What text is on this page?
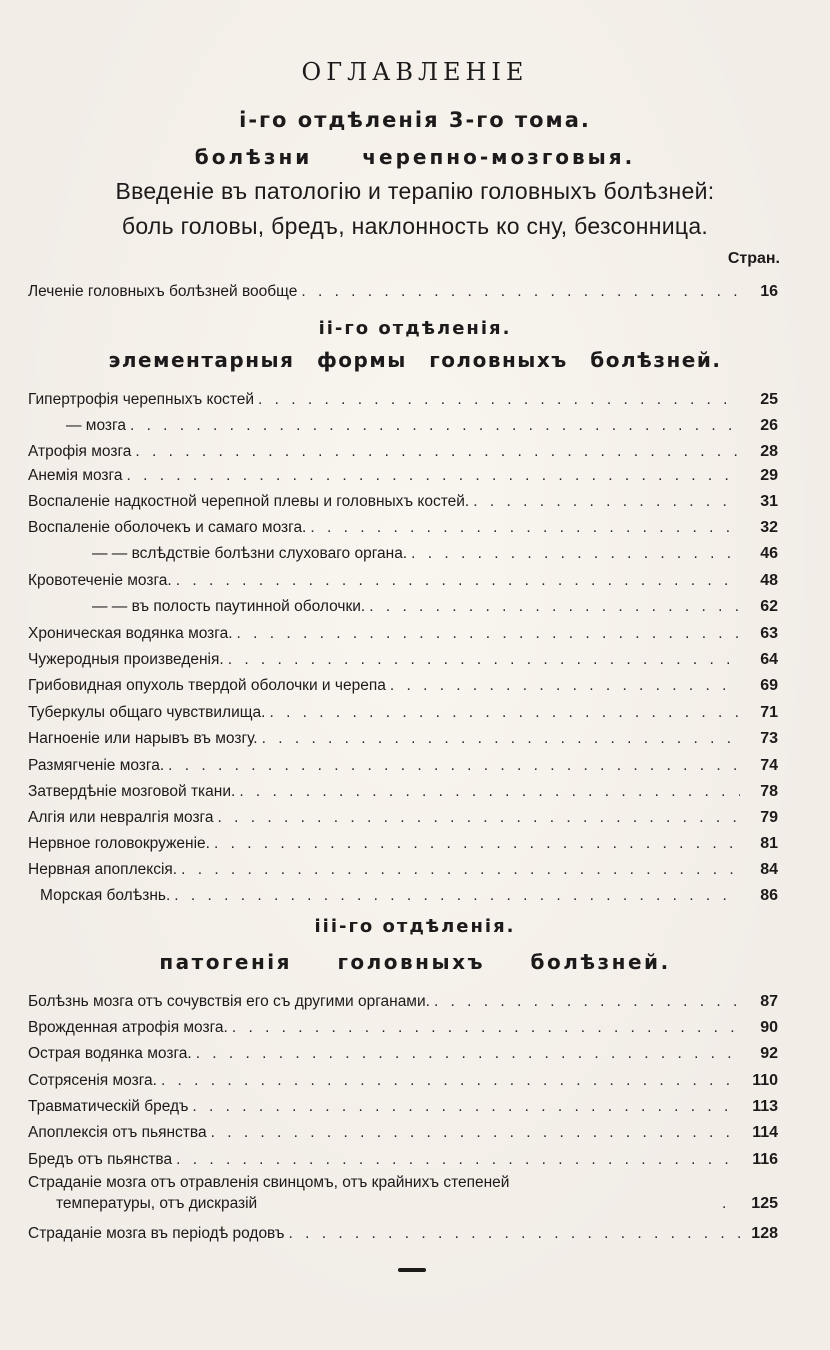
ОГЛАВЛЕНІЕ
і-го отдѣленія 3-го тома.
болѣзни черепно-мозговыя.
Введеніе въ патологію и терапію головныхъ болѣзней:
боль головы, бредъ, наклонность ко сну, безсонница.
Стран.
Леченіе головныхъ болѣзней вообще . . .	16
іі-го отдѣленія.
элементарныя формы головныхъ болѣзней.
Гипертрофія черепныхъ костей . . .	25
— мозга . . .	26
Атрофія мозга . . .	28
Анемія мозга . . .	29
Воспаленіе надкостной черепной плевы и головныхъ костей. . . .	31
Воспаленіе оболочекъ и самаго мозга. . . .	32
— — вслѣдствіе болѣзни слуховаго органа. . . .	46
Кровотеченіе мозга. . . .	48
— — въ полость паутинной оболочки. . . .	62
Хроническая водянка мозга. . . .	63
Чужеродныя произведенія. . . .	64
Грибовидная опухоль твердой оболочки и черепа . . .	69
Туберкулы общаго чувствилища. . . .	71
Нагноеніе или нарывъ въ мозгу. . . .	73
Размягченіе мозга. . . .	74
Затвердѣніе мозговой ткани. . . .	78
Алгія или невралгія мозга . . .	79
Нервное головокруженіе. . . .	81
Нервная апоплексія. . . .	84
Морская болѣзнь. . . .	86
ііі-го отдѣленія.
патогенія головныхъ болѣзней.
Болѣзнь мозга отъ сочувствія его съ другими органами. . . .	87
Врожденная атрофія мозга. . . .	90
Острая водянка мозга. . . .	92
Сотрясенія мозга. . . .	110
Травматическій бредъ . . .	113
Апоплексія отъ пьянства . . .	114
Бредъ отъ пьянства . . .	116
Страданіе мозга отъ отравленія свинцомъ, отъ крайнихъ степеней
температуры, отъ дискразій . . .	125
Страданіе мозга въ періодѣ родовъ . . .	128
